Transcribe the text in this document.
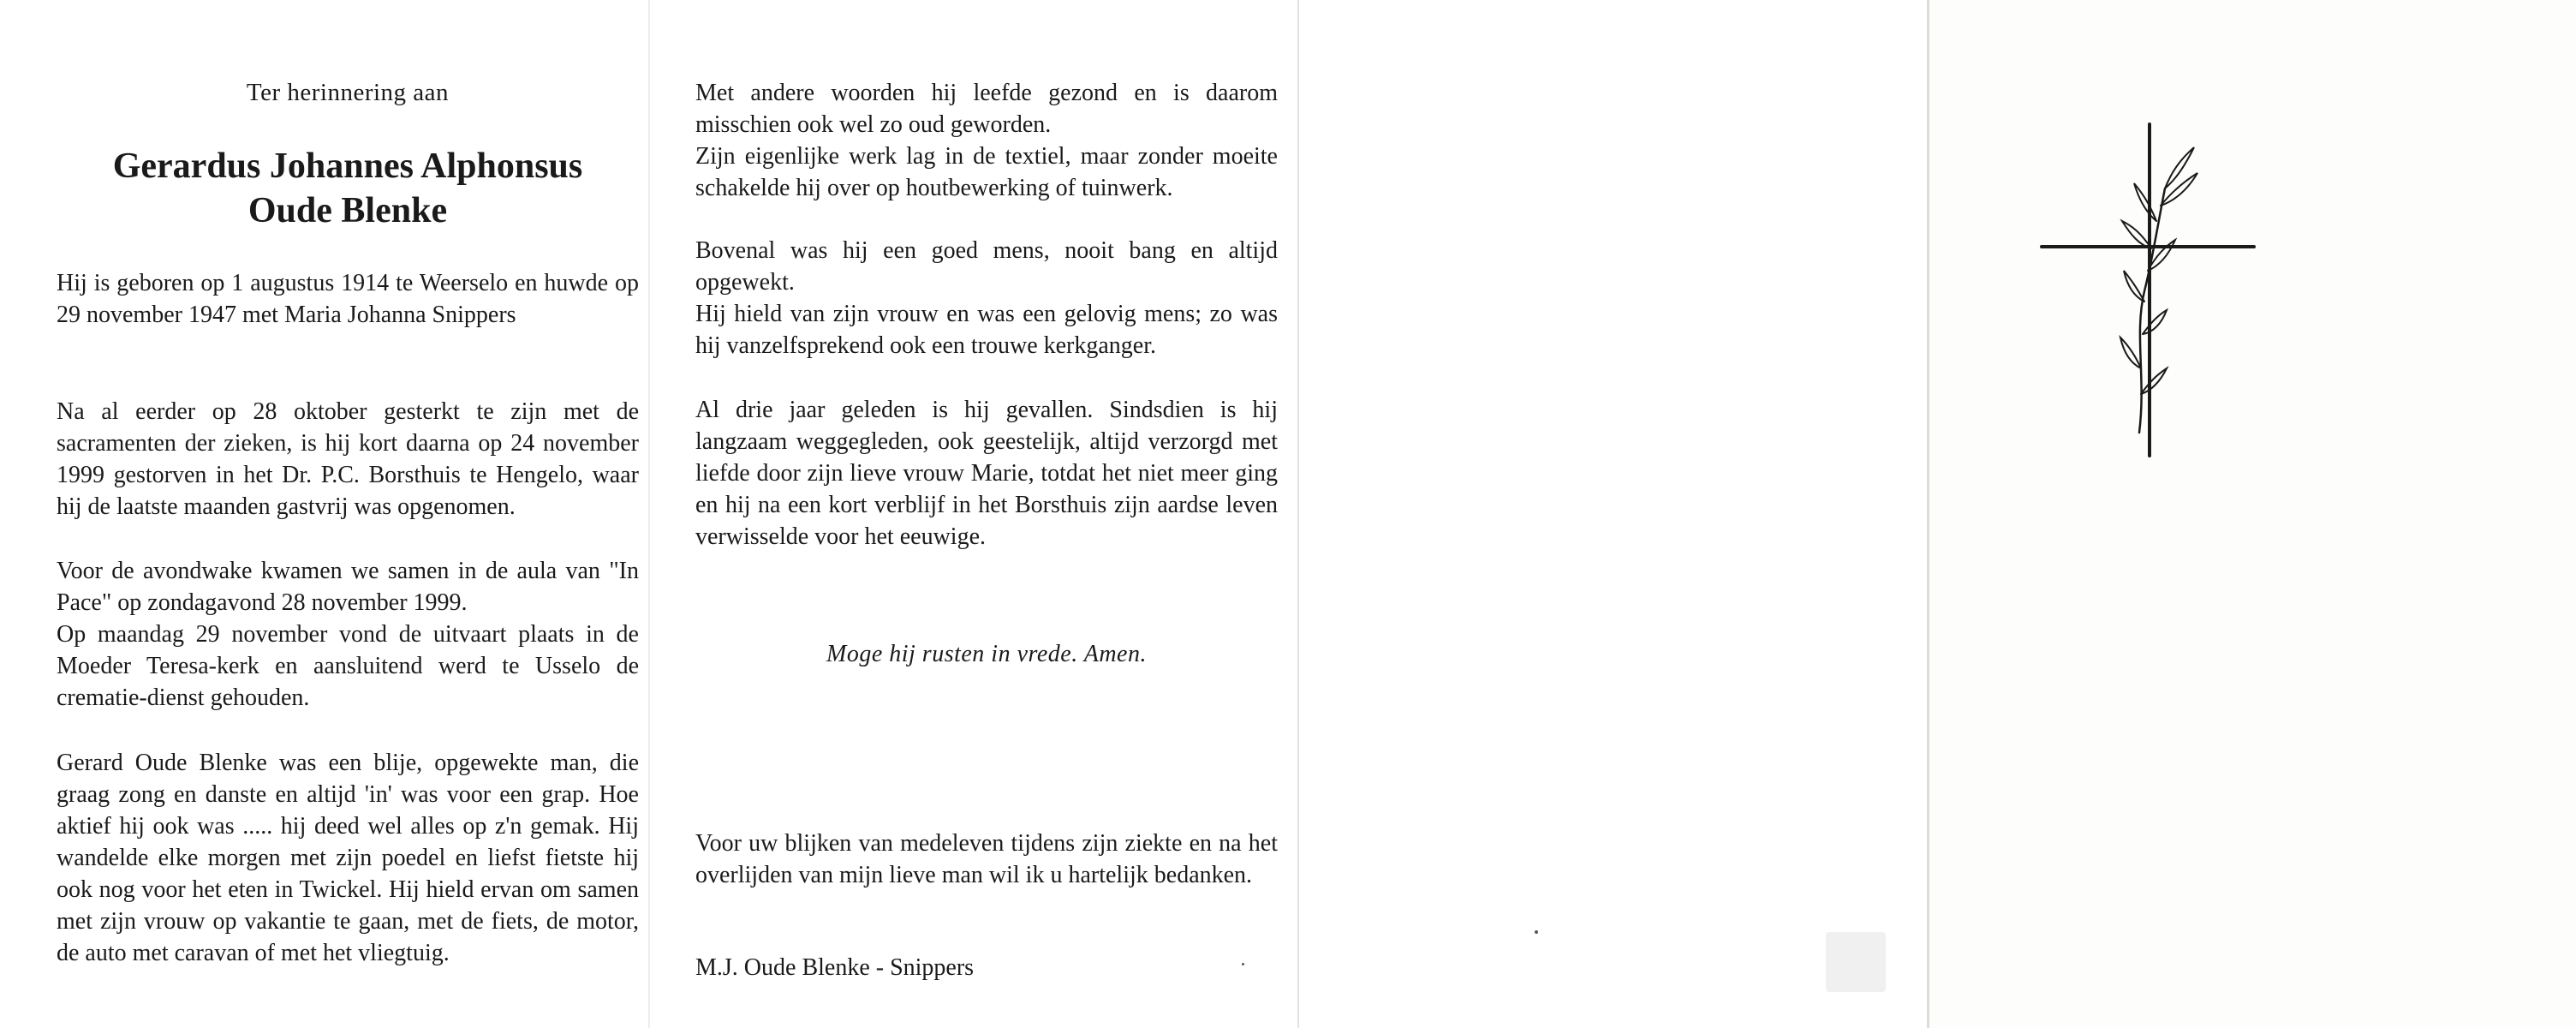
Ter herinnering aan
Gerardus Johannes Alphonsus
Oude Blenke

Hij is geboren op 1 augustus 1914 te Weerselo en huwde op 29 november 1947 met Maria Johanna Snippers

Na al eerder op 28 oktober gesterkt te zijn met de sacramenten der zieken, is hij kort daarna op 24 november 1999 gestorven in het Dr. P.C. Borsthuis te Hengelo, waar hij de laatste maanden gastvrij was opgenomen.

Voor de avondwake kwamen we samen in de aula van "In Pace" op zondagavond 28 november 1999.

Op maandag 29 november vond de uitvaart plaats in de Moeder Teresa-kerk en aansluitend werd te Usselo de crematie-dienst gehouden.

Gerard Oude Blenke was een blije, opgewekte man, die graag zong en danste en altijd 'in' was voor een grap. Hoe aktief hij ook was ..... hij deed wel alles op z'n gemak. Hij wandelde elke morgen met zijn poedel en liefst fietste hij ook nog voor het eten in Twickel. Hij hield ervan om samen met zijn vrouw op vakantie te gaan, met de fiets, de motor, de auto met caravan of met het vliegtuig.

Met andere woorden hij leefde gezond en is daarom misschien ook wel zo oud geworden.

Zijn eigenlijke werk lag in de textiel, maar zonder moeite schakelde hij over op houtbewerking of tuinwerk.

Bovenal was hij een goed mens, nooit bang en altijd opgewekt.

Hij hield van zijn vrouw en was een gelovig mens; zo was hij vanzelfsprekend ook een trouwe kerkganger.

Al drie jaar geleden is hij gevallen. Sindsdien is hij langzaam weggegleden, ook geestelijk, altijd verzorgd met liefde door zijn lieve vrouw Marie, totdat het niet meer ging en hij na een kort verblijf in het Borsthuis zijn aardse leven verwisselde voor het eeuwige.

Moge hij rusten in vrede. Amen.

Voor uw blijken van medeleven tijdens zijn ziekte en na het overlijden van mijn lieve man wil ik u hartelijk bedanken.

M.J. Oude Blenke - Snippers
